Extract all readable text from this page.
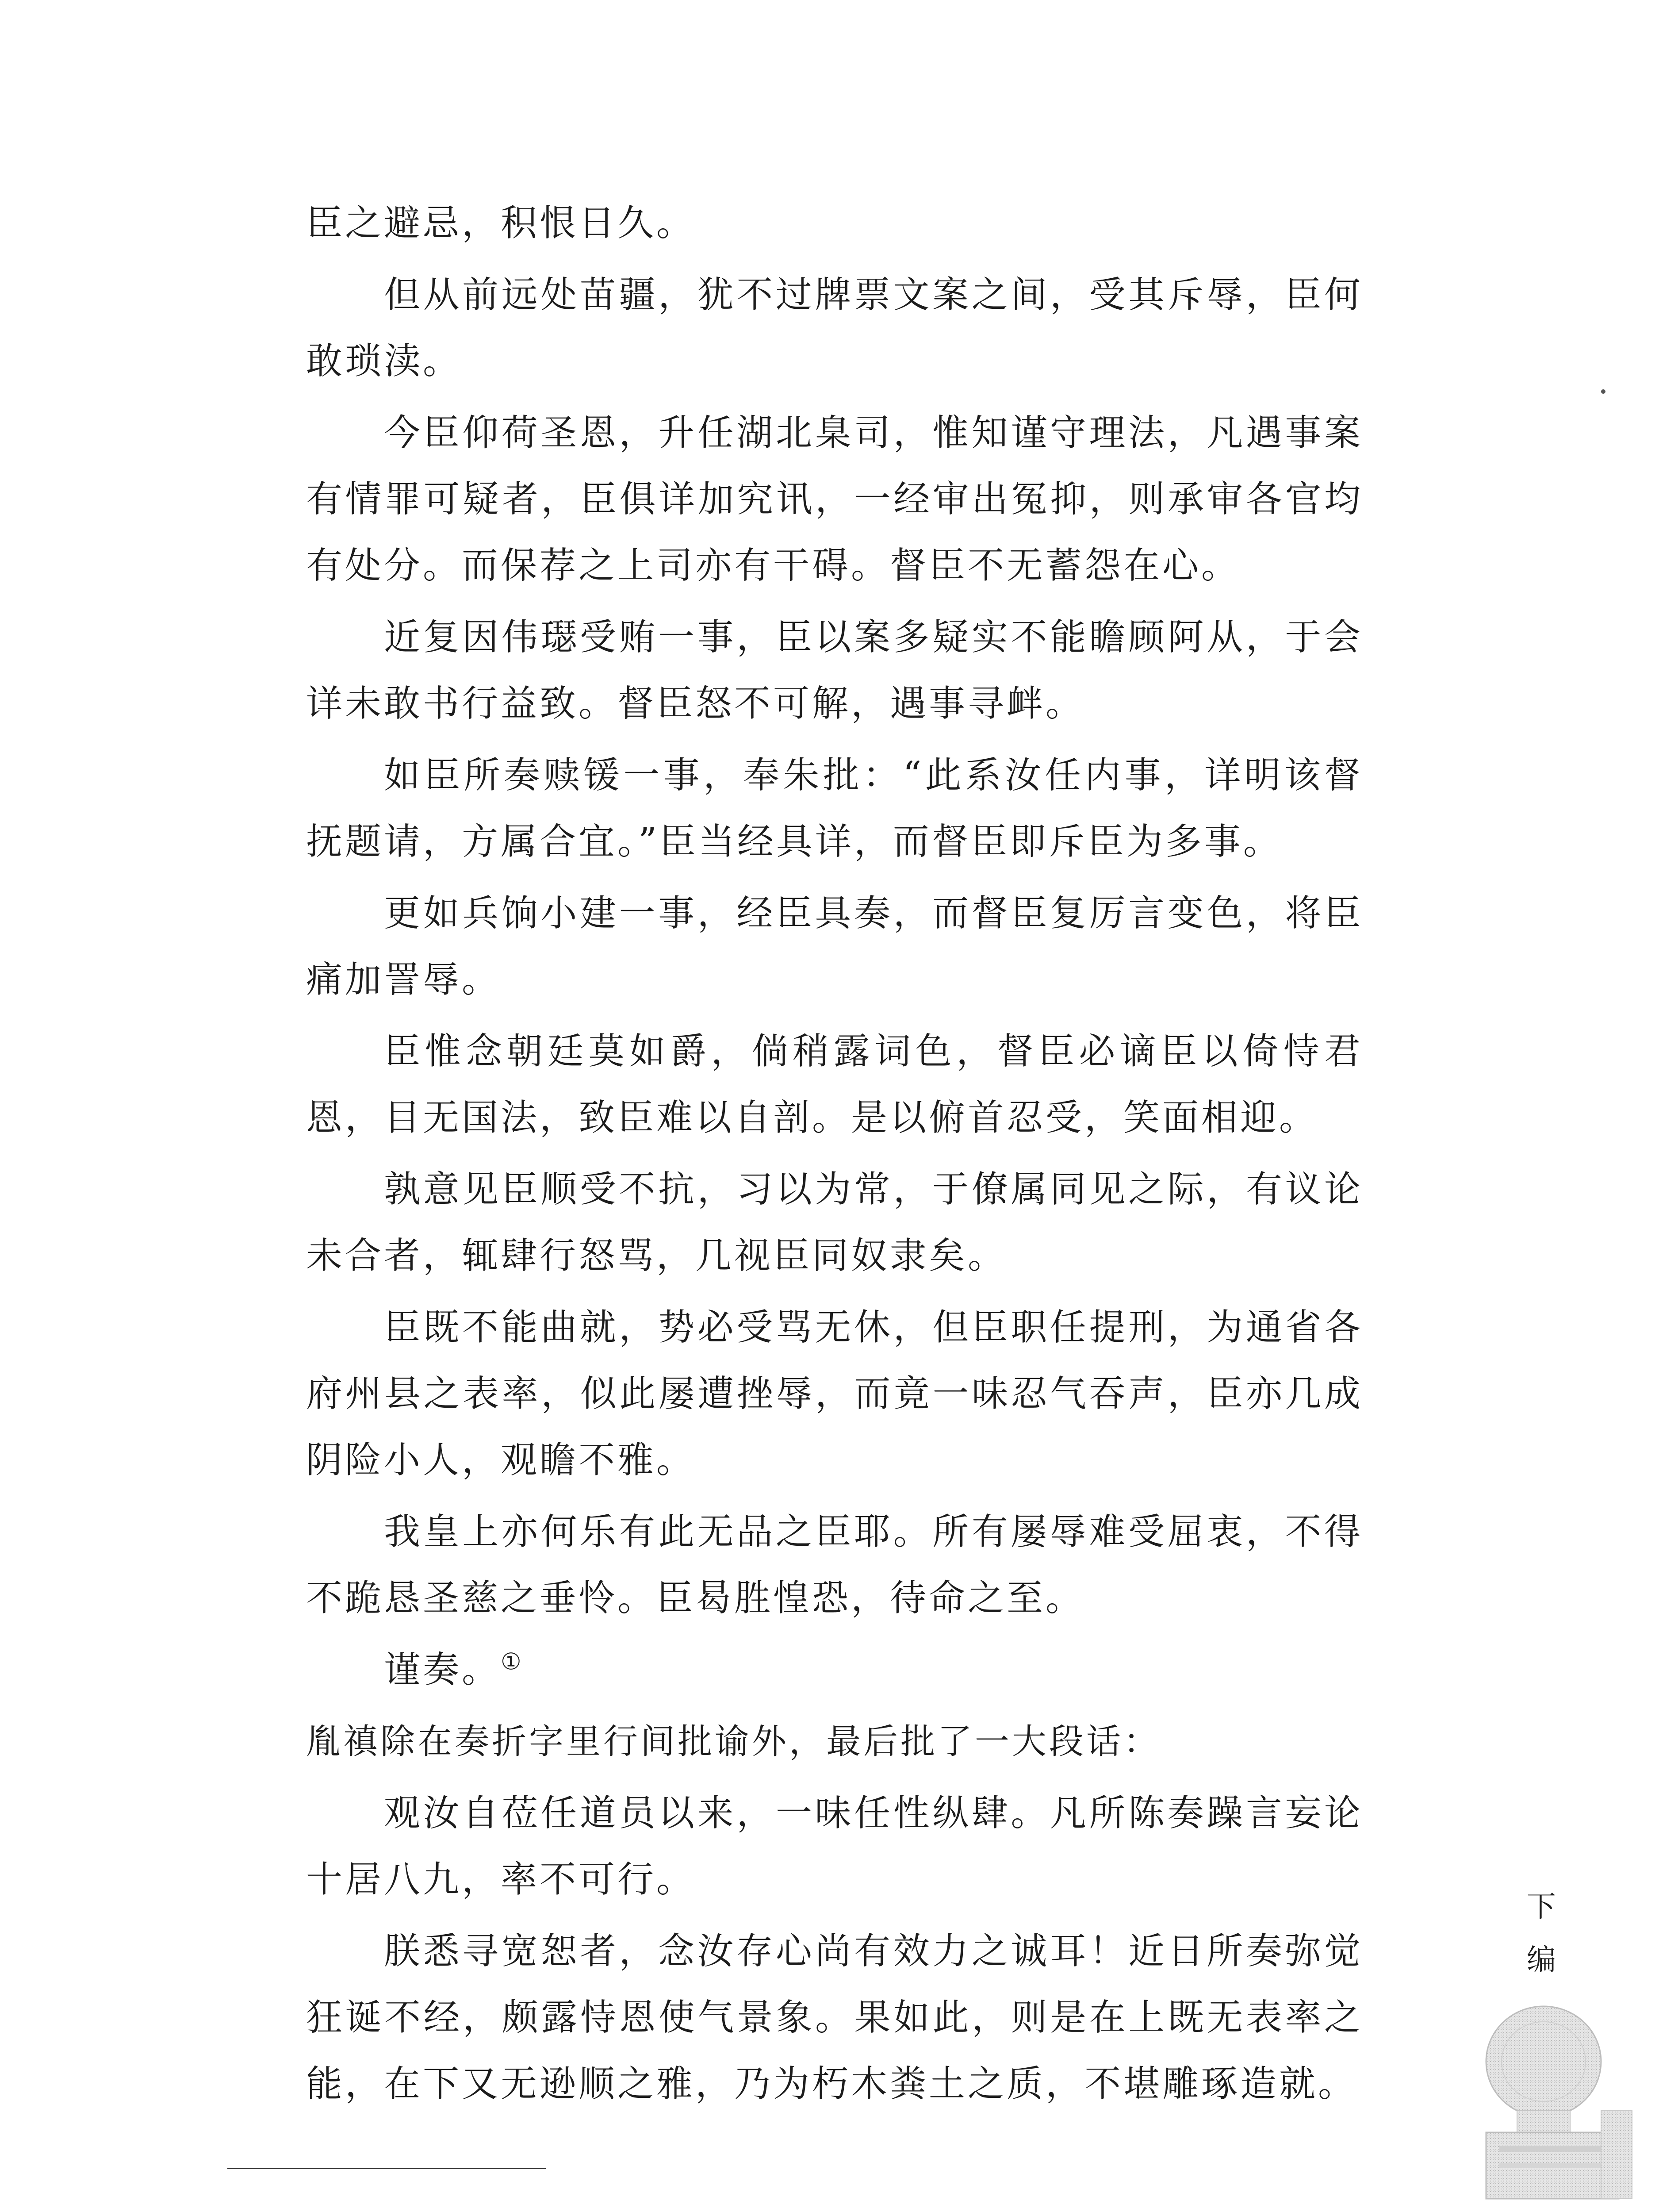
臣之避忌，积恨日久。

但从前远处苗疆，犹不过牌票文案之间，受其斥辱，臣何敢琐渎。

今臣仰荷圣恩，升任湖北臬司，惟知谨守理法，凡遇事案有情罪可疑者，臣俱详加究讯，一经审出冤抑，则承审各官均有处分。而保荐之上司亦有干碍。督臣不无蓄怨在心。

近复因伟璱受贿一事，臣以案多疑实不能瞻顾阿从，于会详未敢书行益致。督臣怒不可解，遇事寻衅。

如臣所奏赎锾一事，奉朱批：“此系汝任内事，详明该督抚题请，方属合宜。”臣当经具详，而督臣即斥臣为多事。

更如兵饷小建一事，经臣具奏，而督臣复厉言变色，将臣痛加詈辱。

臣惟念朝廷莫如爵，倘稍露词色，督臣必谪臣以倚恃君恩，目无国法，致臣难以自剖。是以俯首忍受，笑面相迎。

孰意见臣顺受不抗，习以为常，于僚属同见之际，有议论未合者，辄肆行怒骂，几视臣同奴隶矣。

臣既不能曲就，势必受骂无休，但臣职任提刑，为通省各府州县之表率，似此屡遭挫辱，而竟一味忍气吞声，臣亦几成阴险小人，观瞻不雅。

我皇上亦何乐有此无品之臣耶。所有屡辱难受屈衷，不得不跪恳圣慈之垂怜。臣曷胜惶恐，待命之至。

谨奏。①

胤禛除在奏折字里行间批谕外，最后批了一大段话：

观汝自莅任道员以来，一味任性纵肆。凡所陈奏躁言妄论十居八九，率不可行。

朕悉寻宽恕者，念汝存心尚有效力之诚耳！近日所奏弥觉狂诞不经，颇露恃恩使气景象。果如此，则是在上既无表率之能，在下又无逊顺之雅，乃为朽木粪土之质，不堪雕琢造就。

下
编
